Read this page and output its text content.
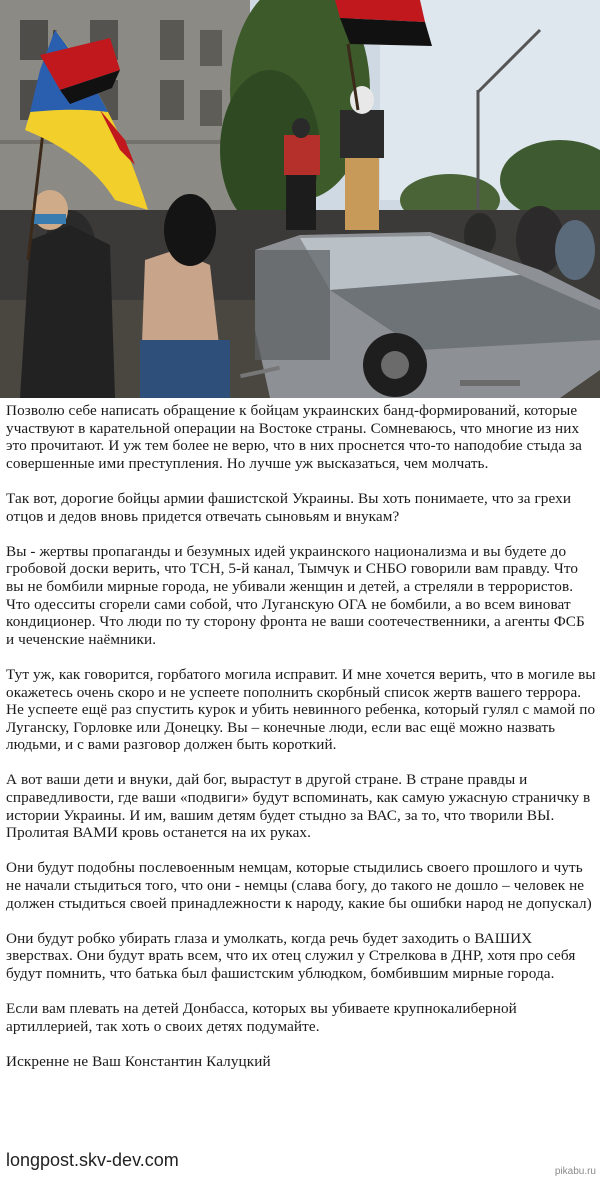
Позволю себе написать обращение к бойцам украинских банд-формирований, которые участвуют в карательной операции на Востоке страны. Сомневаюсь, что многие из них это прочитают. И уж тем более не верю, что в них проснется что-то наподобие стыда за совершенные ими преступления. Но лучше уж высказаться, чем молчать.

Так вот, дорогие бойцы армии фашистской Украины. Вы хоть понимаете, что за грехи отцов и дедов вновь придется отвечать сыновьям и внукам?

Вы - жертвы пропаганды и безумных идей украинского национализма и вы будете до гробовой доски верить, что ТСН, 5-й канал, Тымчук и СНБО говорили вам правду. Что вы не бомбили мирные города, не убивали женщин и детей, а стреляли в террористов. Что одесситы сгорели сами собой, что Луганскую ОГА не бомбили, а во всем виноват кондиционер. Что люди по ту сторону фронта не ваши соотечественники, а агенты ФСБ и чеченские наёмники.

Тут уж, как говорится, горбатого могила исправит. И мне хочется верить, что в могиле вы окажетесь очень скоро и не успеете пополнить скорбный список жертв вашего террора. Не успеете ещё раз спустить курок и убить невинного ребенка, который гулял с мамой по Луганску, Горловке или Донецку. Вы – конечные люди, если вас ещё можно назвать людьми, и с вами разговор должен быть короткий.

А вот ваши дети и внуки, дай бог, вырастут в другой стране. В стране правды и справедливости, где ваши «подвиги» будут вспоминать, как самую ужасную страничку в истории Украины. И им, вашим детям будет стыдно за ВАС, за то, что творили ВЫ. Пролитая ВАМИ кровь останется на их руках.

Они будут подобны послевоенным немцам, которые стыдились своего прошлого и чуть не начали стыдиться того, что они - немцы (слава богу, до такого не дошло – человек не должен стыдиться своей принадлежности к народу, какие бы ошибки народ не допускал)

Они будут робко убирать глаза и умолкать, когда речь будет заходить о ВАШИХ зверствах. Они будут врать всем, что их отец служил у Стрелкова в ДНР, хотя про себя будут помнить, что батька был фашистским ублюдком, бомбившим мирные города.

Если вам плевать на детей Донбасса, которых вы убиваете крупнокалиберной артиллерией, так хоть о своих детях подумайте.

Искренне не Ваш Константин Калуцкий

longpost.skv-dev.com
pikabu.ru
